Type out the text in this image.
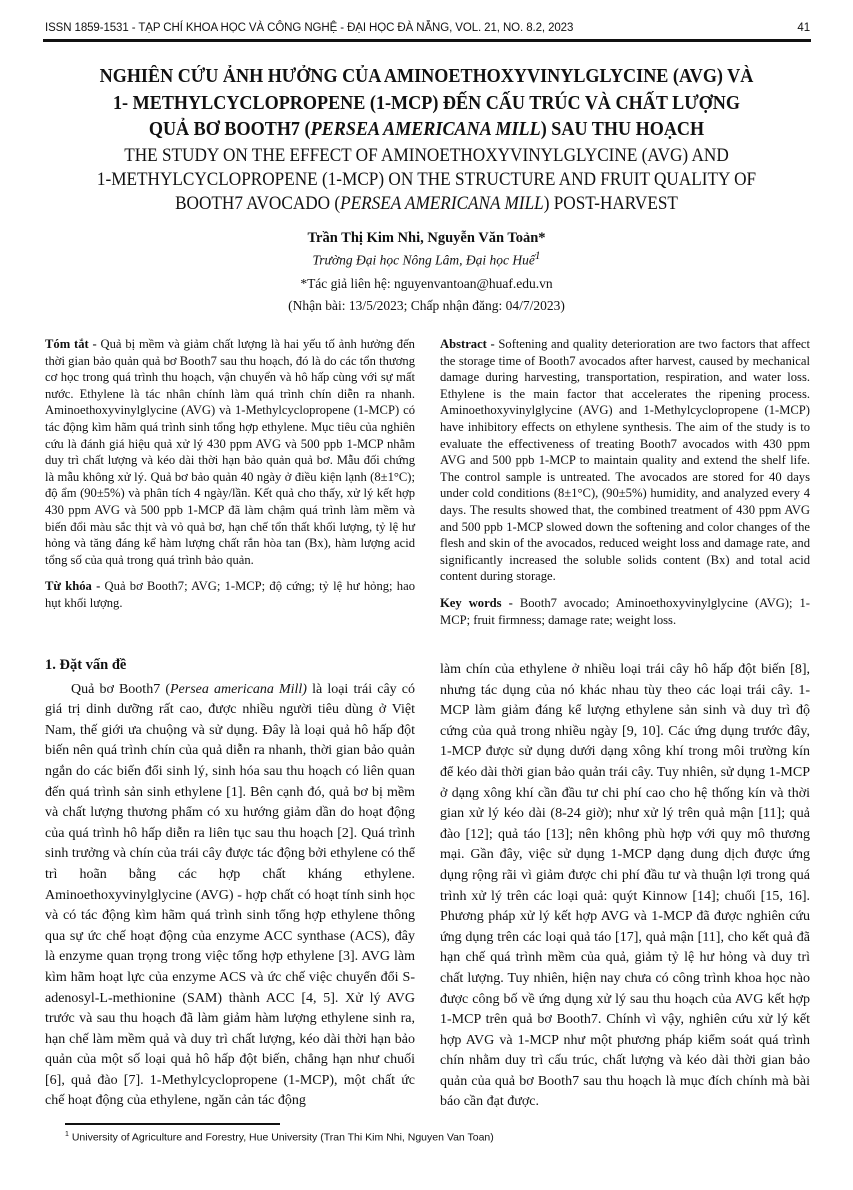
ISSN 1859-1531 - TẠP CHÍ KHOA HỌC VÀ CÔNG NGHỆ - ĐẠI HỌC ĐÀ NẴNG, VOL. 21, NO. 8.2, 2023	41
NGHIÊN CỨU ẢNH HƯỞNG CỦA AMINOETHOXYVINYLGLYCINE (AVG) VÀ
1- METHYLCYCLOPROPENE (1-MCP) ĐẾN CẤU TRÚC VÀ CHẤT LƯỢNG
QUẢ BƠ BOOTH7 (PERSEA AMERICANA MILL) SAU THU HOẠCH
THE STUDY ON THE EFFECT OF AMINOETHOXYVINYLGLYCINE (AVG) AND
1-METHYLCYCLOPROPENE (1-MCP) ON THE STRUCTURE AND FRUIT QUALITY OF
BOOTH7 AVOCADO (PERSEA AMERICANA MILL) POST-HARVEST
Trần Thị Kim Nhi, Nguyễn Văn Toản*
Trường Đại học Nông Lâm, Đại học Huế$^1$
*Tác giả liên hệ: nguyenvantoan@huaf.edu.vn
(Nhận bài: 13/5/2023; Chấp nhận đăng: 04/7/2023)

Tóm tắt - Quả bị mềm và giảm chất lượng là hai yếu tố ảnh hưởng đến thời gian bảo quản quả bơ Booth7 sau thu hoạch, đó là do các tổn thương cơ học trong quá trình thu hoạch, vận chuyển và hô hấp cùng với sự mất nước. Ethylene là tác nhân chính làm quá trình chín diễn ra nhanh. Aminoethoxyvinylglycine (AVG) và 1-Methylcyclopropene (1-MCP) có tác động kìm hãm quá trình sinh tổng hợp ethylene. Mục tiêu của nghiên cứu là đánh giá hiệu quả xử lý 430 ppm AVG và 500 ppb 1-MCP nhằm duy trì chất lượng và kéo dài thời hạn bảo quản quả bơ. Mẫu đối chứng là mẫu không xử lý. Quả bơ bảo quản 40 ngày ở điều kiện lạnh (8±1°C); độ ẩm (90±5%) và phân tích 4 ngày/lần. Kết quả cho thấy, xử lý kết hợp 430 ppm AVG và 500 ppb 1-MCP đã làm chậm quá trình làm mềm và biến đổi màu sắc thịt và vỏ quả bơ, hạn chế tổn thất khối lượng, tỷ lệ hư hỏng và tăng đáng kể hàm lượng chất rắn hòa tan (Bx), hàm lượng acid tổng số của quả trong quá trình bảo quản.

Từ khóa - Quả bơ Booth7; AVG; 1-MCP; độ cứng; tỷ lệ hư hỏng; hao hụt khối lượng.

Abstract - Softening and quality deterioration are two factors that affect the storage time of Booth7 avocados after harvest, caused by mechanical damage during harvesting, transportation, respiration, and water loss. Ethylene is the main factor that accelerates the ripening process. Aminoethoxyvinylglycine (AVG) and 1-Methylcyclopropene (1-MCP) have inhibitory effects on ethylene synthesis. The aim of the study is to evaluate the effectiveness of treating Booth7 avocados with 430 ppm AVG and 500 ppb 1-MCP to maintain quality and extend the shelf life. The control sample is untreated. The avocados are stored for 40 days under cold conditions (8±1°C), (90±5%) humidity, and analyzed every 4 days. The results showed that, the combined treatment of 430 ppm AVG and 500 ppb 1-MCP slowed down the softening and color changes of the flesh and skin of the avocados, reduced weight loss and damage rate, and significantly increased the soluble solids content (Bx) and total acid content during storage.

Key words - Booth7 avocado; Aminoethoxyvinylglycine (AVG); 1-MCP; fruit firmness; damage rate; weight loss.

1. Đặt vấn đề

Quả bơ Booth7 (Persea americana Mill) là loại trái cây có giá trị dinh dưỡng rất cao, được nhiều người tiêu dùng ở Việt Nam, thế giới ưa chuộng và sử dụng. Đây là loại quả hô hấp đột biến nên quá trình chín của quả diễn ra nhanh, thời gian bảo quản ngắn do các biến đổi sinh lý, sinh hóa sau thu hoạch có liên quan đến quá trình sản sinh ethylene [1]. Bên cạnh đó, quả bơ bị mềm và chất lượng thương phẩm có xu hướng giảm dần do hoạt động của quá trình hô hấp diễn ra liên tục sau thu hoạch [2]. Quá trình sinh trưởng và chín của trái cây được tác động bởi ethylene có thể trì hoãn bằng các hợp chất kháng ethylene. Aminoethoxyvinylglycine (AVG) - hợp chất có hoạt tính sinh học và có tác động kìm hãm quá trình sinh tổng hợp ethylene thông qua sự ức chế hoạt động của enzyme ACC synthase (ACS), đây là enzyme quan trọng trong việc tổng hợp ethylene [3]. AVG làm kìm hãm hoạt lực của enzyme ACS và ức chế việc chuyển đổi S-adenosyl-L-methionine (SAM) thành ACC [4, 5]. Xử lý AVG trước và sau thu hoạch đã làm giảm hàm lượng ethylene sinh ra, hạn chế làm mềm quả và duy trì chất lượng, kéo dài thời hạn bảo quản của một số loại quả hô hấp đột biến, chẳng hạn như chuối [6], quả đào [7]. 1-Methylcyclopropene (1-MCP), một chất ức chế hoạt động của ethylene, ngăn cản tác động

làm chín của ethylene ở nhiều loại trái cây hô hấp đột biến [8], nhưng tác dụng của nó khác nhau tùy theo các loại trái cây. 1-MCP làm giảm đáng kể lượng ethylene sản sinh và duy trì độ cứng của quả trong nhiều ngày [9, 10]. Các ứng dụng trước đây, 1-MCP được sử dụng dưới dạng xông khí trong môi trường kín để kéo dài thời gian bảo quản trái cây. Tuy nhiên, sử dụng 1-MCP ở dạng xông khí cần đầu tư chi phí cao cho hệ thống kín và thời gian xử lý kéo dài (8-24 giờ); như xử lý trên quả mận [11]; quả đào [12]; quả táo [13]; nên không phù hợp với quy mô thương mại. Gần đây, việc sử dụng 1-MCP dạng dung dịch được ứng dụng rộng rãi vì giảm được chi phí đầu tư và thuận lợi trong quá trình xử lý trên các loại quả: quýt Kinnow [14]; chuối [15, 16]. Phương pháp xử lý kết hợp AVG và 1-MCP đã được nghiên cứu ứng dụng trên các loại quả táo [17], quả mận [11], cho kết quả đã hạn chế quá trình mềm của quả, giảm tỷ lệ hư hỏng và duy trì chất lượng. Tuy nhiên, hiện nay chưa có công trình khoa học nào được công bố về ứng dụng xử lý sau thu hoạch của AVG kết hợp 1-MCP trên quả bơ Booth7. Chính vì vậy, nghiên cứu xử lý kết hợp AVG và 1-MCP như một phương pháp kiểm soát quá trình chín nhằm duy trì cấu trúc, chất lượng và kéo dài thời gian bảo quản của quả bơ Booth7 sau thu hoạch là mục đích chính mà bài báo cần đạt được.

$^1$ University of Agriculture and Forestry, Hue University (Tran Thi Kim Nhi, Nguyen Van Toan)
